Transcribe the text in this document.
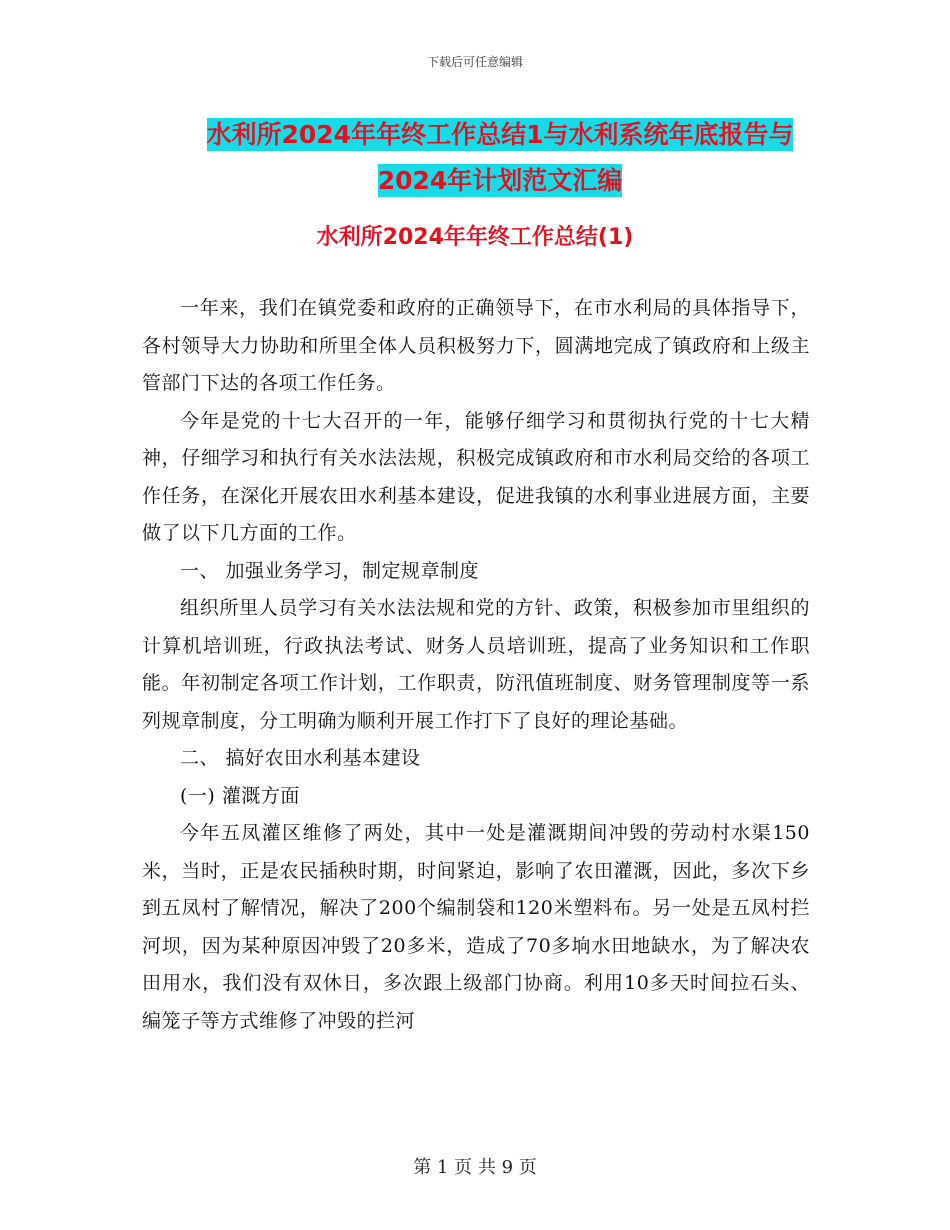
下载后可任意编辑
水利所2024年年终工作总结1与水利系统年底报告与
2024年计划范文汇编
水利所2024年年终工作总结(1)

一年来，我们在镇党委和政府的正确领导下，在市水利局的具体指导下，各村领导大力协助和所里全体人员积极努力下，圆满地完成了镇政府和上级主管部门下达的各项工作任务。

今年是党的十七大召开的一年，能够仔细学习和贯彻执行党的十七大精神，仔细学习和执行有关水法法规，积极完成镇政府和市水利局交给的各项工作任务，在深化开展农田水利基本建设，促进我镇的水利事业进展方面，主要做了以下几方面的工作。

一、 加强业务学习，制定规章制度

组织所里人员学习有关水法法规和党的方针、政策，积极参加市里组织的计算机培训班，行政执法考试、财务人员培训班，提高了业务知识和工作职能。年初制定各项工作计划，工作职责，防汛值班制度、财务管理制度等一系列规章制度，分工明确为顺利开展工作打下了良好的理论基础。

二、 搞好农田水利基本建设

(一) 灌溉方面

今年五凤灌区维修了两处，其中一处是灌溉期间冲毁的劳动村水渠150米，当时，正是农民插秧时期，时间紧迫，影响了农田灌溉，因此，多次下乡到五凤村了解情况，解决了200个编制袋和120米塑料布。另一处是五凤村拦河坝，因为某种原因冲毁了20多米，造成了70多垧水田地缺水，为了解决农田用水，我们没有双休日，多次跟上级部门协商。利用10多天时间拉石头、编笼子等方式维修了冲毁的拦河

第 1 页 共 9 页
